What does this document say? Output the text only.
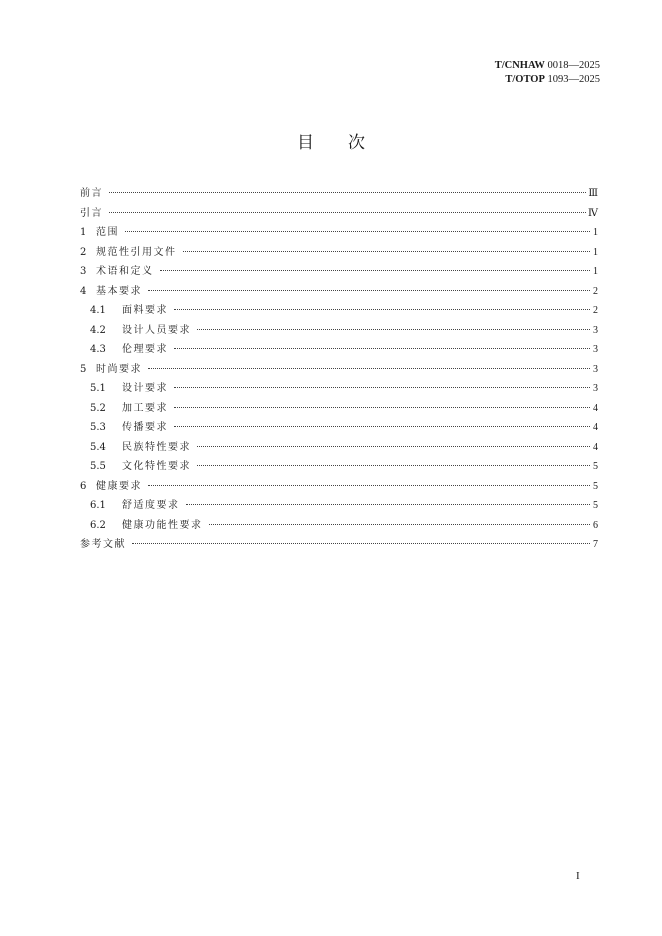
T/CNHAW 0018—2025
T/OTOP 1093—2025
目次
前言	Ⅲ
引言	Ⅳ
1 范围	1
2 规范性引用文件	1
3 术语和定义	1
4 基本要求	2
4.1	面料要求	2
4.2	设计人员要求	3
4.3	伦理要求	3
5 时尚要求	3
5.1	设计要求	3
5.2	加工要求	4
5.3	传播要求	4
5.4	民族特性要求	4
5.5	文化特性要求	5
6 健康要求	5
6.1	舒适度要求	5
6.2	健康功能性要求	6
参考文献	7
I
